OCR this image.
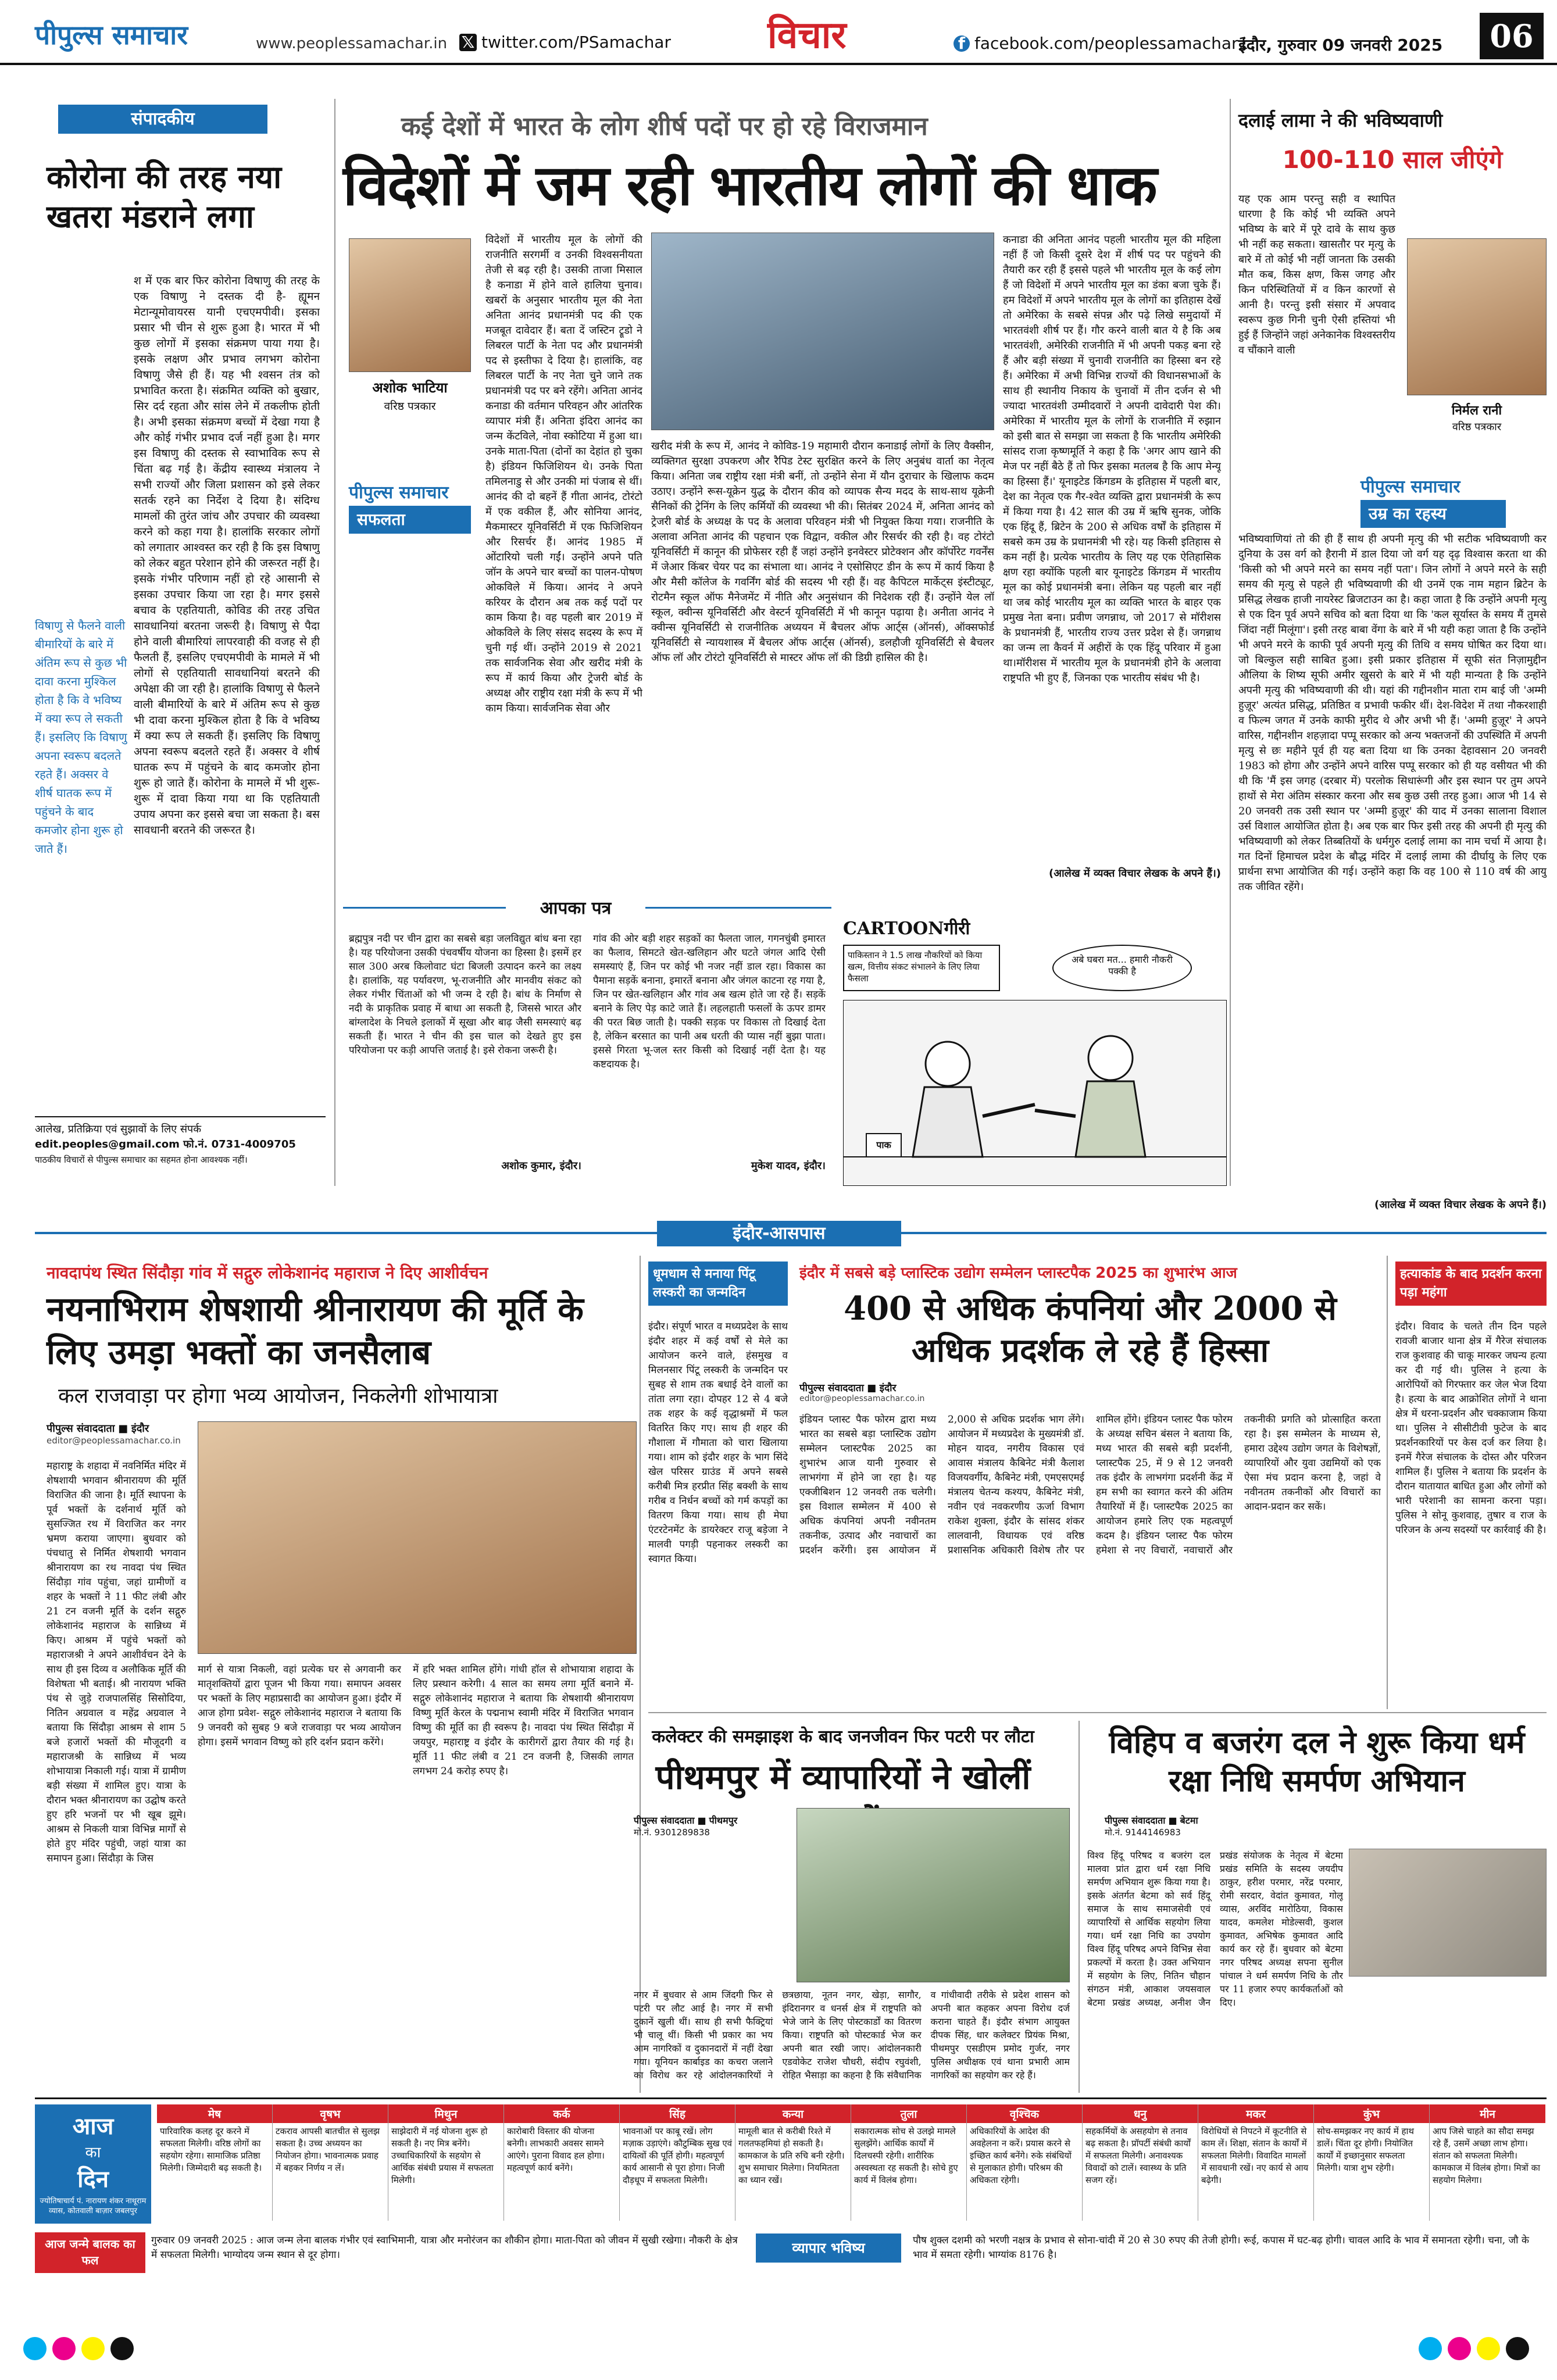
पीपुल्स समाचार	www.peoplessamachar.in 𝕏 twitter.com/PSamachar	विचार	f facebook.com/peoplessamachar1
इंदौर, गुरुवार 09 जनवरी 2025	06
संपादकीय
कोरोना की तरह नया खतरा मंडराने लगा
विषाणु से फैलने वाली बीमारियों के बारे में अंतिम रूप से कुछ भी दावा करना मुश्किल होता है कि वे भविष्य में क्या रूप ले सकती हैं। इसलिए कि विषाणु अपना स्वरूप बदलते रहते हैं। अक्सर वे शीर्ष घातक रूप में पहुंचने के बाद कमजोर होना शुरू हो जाते हैं।
श में एक बार फिर कोरोना विषाणु की तरह के एक विषाणु ने दस्तक दी है- ह्यूमन मेटान्यूमोवायरस यानी एचएमपीवी। इसका प्रसार भी चीन से शुरू हुआ है। भारत में भी कुछ लोगों में इसका संक्रमण पाया गया है। इसके लक्षण और प्रभाव लगभग कोरोना विषाणु जैसे ही हैं। यह भी श्वसन तंत्र को प्रभावित करता है। संक्रमित व्यक्ति को बुखार, सिर दर्द रहता और सांस लेने में तकलीफ होती है। अभी इसका संक्रमण बच्चों में देखा गया है और कोई गंभीर प्रभाव दर्ज नहीं हुआ है। मगर इस विषाणु की दस्तक से स्वाभाविक रूप से चिंता बढ़ गई है। केंद्रीय स्वास्थ्य मंत्रालय ने सभी राज्यों और जिला प्रशासन को इसे लेकर सतर्क रहने का निर्देश दे दिया है। संदिग्ध मामलों की तुरंत जांच और उपचार की व्यवस्था करने को कहा गया है। हालांकि सरकार लोगों को लगातार आश्वस्त कर रही है कि इस विषाणु को लेकर बहुत परेशान होने की जरूरत नहीं है। इसके गंभीर परिणाम नहीं हो रहे आसानी से इसका उपचार किया जा रहा है। मगर इससे बचाव के एहतियाती, कोविड की तरह उचित सावधानियां बरतना जरूरी है। विषाणु से पैदा होने वाली बीमारियां लापरवाही की वजह से ही फैलती हैं, इसलिए एचएमपीवी के मामले में भी लोगों से एहतियाती सावधानियां बरतने की अपेक्षा की जा रही है। हालांकि विषाणु से फैलने वाली बीमारियों के बारे में अंतिम रूप से कुछ भी दावा करना मुश्किल होता है कि वे भविष्य में क्या रूप ले सकती हैं। इसलिए कि विषाणु अपना स्वरूप बदलते रहते हैं। अक्सर वे शीर्ष घातक रूप में पहुंचने के बाद कमजोर होना शुरू हो जाते हैं। कोरोना के मामले में भी शुरू-शुरू में दावा किया गया था कि एहतियाती उपाय अपना कर इससे बचा जा सकता है। बस सावधानी बरतने की जरूरत है।
आलेख, प्रतिक्रिया एवं सुझावों के लिए संपर्क
edit.peoples@gmail.com फो.नं. 0731-4009705
पाठकीय विचारों से पीपुल्स समाचार का सहमत होना आवश्यक नहीं।
कई देशों में भारत के लोग शीर्ष पदों पर हो रहे विराजमान
विदेशों में जम रही भारतीय लोगों की धाक
अशोक भाटिया
वरिष्ठ पत्रकार
पीपुल्स समाचार
सफलता
विदेशों में भारतीय मूल के लोगों की राजनीति सरगर्मी व उनकी विश्वसनीयता तेजी से बढ़ रही है। उसकी ताजा मिसाल है कनाडा में होने वाले हालिया चुनाव। खबरों के अनुसार भारतीय मूल की नेता अनिता आनंद प्रधानमंत्री पद की एक मजबूत दावेदार हैं। बता दें जस्टिन ट्रूडो ने लिबरल पार्टी के नेता पद और प्रधानमंत्री पद से इस्तीफा दे दिया है। हालांकि, वह लिबरल पार्टी के नए नेता चुने जाने तक प्रधानमंत्री पद पर बने रहेंगे। अनिता आनंद कनाडा की वर्तमान परिवहन और आंतरिक व्यापार मंत्री हैं। अनिता इंदिरा आनंद का जन्म केंटविले, नोवा स्कोटिया में हुआ था। उनके माता-पिता (दोनों का देहांत हो चुका है) इंडियन फिजिशियन थे। उनके पिता तमिलनाडु से और उनकी मां पंजाब से थीं। आनंद की दो बहनें हैं गीता आनंद, टोरंटो में एक वकील हैं, और सोनिया आनंद, मैकमास्टर यूनिवर्सिटी में एक फिजिशियन और रिसर्चर हैं। आनंद 1985 में ओंटारियो चली गईं। उन्होंने अपने पति जॉन के अपने चार बच्चों का पालन-पोषण ओकविले में किया। आनंद ने अपने करियर के दौरान अब तक कई पदों पर काम किया है। वह पहली बार 2019 में ओकविले के लिए संसद सदस्य के रूप में चुनी गई थीं। उन्होंने 2019 से 2021 तक सार्वजनिक सेवा और खरीद मंत्री के रूप में कार्य किया और ट्रेजरी बोर्ड के अध्यक्ष और राष्ट्रीय रक्षा मंत्री के रूप में भी काम किया। सार्वजनिक सेवा और
खरीद मंत्री के रूप में, आनंद ने कोविड-19 महामारी दौरान कनाडाई लोगों के लिए वैक्सीन, व्यक्तिगत सुरक्षा उपकरण और रैपिड टेस्ट सुरक्षित करने के लिए अनुबंध वार्ता का नेतृत्व किया। अनिता जब राष्ट्रीय रक्षा मंत्री बनीं, तो उन्होंने सेना में यौन दुराचार के खिलाफ कदम उठाए। उन्होंने रूस-यूक्रेन युद्ध के दौरान कीव को व्यापक सैन्य मदद के साथ-साथ यूक्रेनी सैनिकों की ट्रेनिंग के लिए कर्मियों की व्यवस्था भी की। सितंबर 2024 में, अनिता आनंद को ट्रेजरी बोर्ड के अध्यक्ष के पद के अलावा परिवहन मंत्री भी नियुक्त किया गया। राजनीति के अलावा अनिता आनंद की पहचान एक विद्वान, वकील और रिसर्चर की रही है। वह टोरंटो यूनिवर्सिटी में कानून की प्रोफेसर रही हैं जहां उन्होंने इनवेस्टर प्रोटेक्शन और कॉर्पोरेट गवर्नेंस में जेआर किंबर चेयर पद का संभाला था। आनंद ने एसोसिएट डीन के रूप में कार्य किया है और मैसी कॉलेज के गवर्निंग बोर्ड की सदस्य भी रही हैं। वह कैपिटल मार्केट्स इंस्टीट्यूट, रोटमैन स्कूल ऑफ मैनेजमेंट में नीति और अनुसंधान की निदेशक रही हैं। उन्होंने येल लॉ स्कूल, क्वीन्स यूनिवर्सिटी और वेस्टर्न यूनिवर्सिटी में भी कानून पढ़ाया है। अनीता आनंद ने क्वीन्स यूनिवर्सिटी से राजनीतिक अध्ययन में बैचलर ऑफ आर्ट्स (ऑनर्स), ऑक्सफोर्ड यूनिवर्सिटी से न्यायशास्त्र में बैचलर ऑफ आर्ट्स (ऑनर्स), डलहौजी यूनिवर्सिटी से बैचलर ऑफ लॉ और टोरंटो यूनिवर्सिटी से मास्टर ऑफ लॉ की डिग्री हासिल की है।
कनाडा की अनिता आनंद पहली भारतीय मूल की महिला नहीं हैं जो किसी दूसरे देश में शीर्ष पद पर पहुंचने की तैयारी कर रही हैं इससे पहले भी भारतीय मूल के कई लोग हैं जो विदेशों में अपने भारतीय मूल का डंका बजा चुके हैं। हम विदेशों में अपने भारतीय मूल के लोगों का इतिहास देखें तो अमेरिका के सबसे संपन्न और पढ़े लिखे समुदायों में भारतवंशी शीर्ष पर हैं। गौर करने वाली बात ये है कि अब भारतवंशी, अमेरिकी राजनीति में भी अपनी पकड़ बना रहे हैं और बड़ी संख्या में चुनावी राजनीति का हिस्सा बन रहे हैं। अमेरिका में अभी विभिन्न राज्यों की विधानसभाओं के साथ ही स्थानीय निकाय के चुनावों में तीन दर्जन से भी ज्यादा भारतवंशी उम्मीदवारों ने अपनी दावेदारी पेश की। अमेरिका में भारतीय मूल के लोगों के राजनीति में रुझान को इसी बात से समझा जा सकता है कि भारतीय अमेरिकी सांसद राजा कृष्णमूर्ति ने कहा है कि 'अगर आप खाने की मेज पर नहीं बैठे हैं तो फिर इसका मतलब है कि आप मेन्यू का हिस्सा हैं।' यूनाइटेड किंगडम के इतिहास में पहली बार, देश का नेतृत्व एक गैर-श्वेत व्यक्ति द्वारा प्रधानमंत्री के रूप में किया गया है। 42 साल की उम्र में ऋषि सुनक, जोकि एक हिंदू हैं, ब्रिटेन के 200 से अधिक वर्षों के इतिहास में सबसे कम उम्र के प्रधानमंत्री भी रहे। यह किसी इतिहास से कम नहीं है। प्रत्येक भारतीय के लिए यह एक ऐतिहासिक क्षण रहा क्योंकि पहली बार यूनाइटेड किंगडम में भारतीय मूल का कोई प्रधानमंत्री बना। लेकिन यह पहली बार नहीं था जब कोई भारतीय मूल का व्यक्ति भारत के बाहर एक प्रमुख नेता बना। प्रवीण जगन्नाथ, जो 2017 से मॉरीशस के प्रधानमंत्री हैं, भारतीय राज्य उत्तर प्रदेश से हैं। जगन्नाथ का जन्म ला कैवर्न में अहीरों के एक हिंदू परिवार में हुआ था।मॉरीशस में भारतीय मूल के प्रधानमंत्री होने के अलावा राष्ट्रपति भी हुए हैं, जिनका एक भारतीय संबंध भी है।
(आलेख में व्यक्त विचार लेखक के अपने हैं।)
दलाई लामा ने की भविष्यवाणी
100-110 साल जीएंगे
यह एक आम परन्तु सही व स्थापित धारणा है कि कोई भी व्यक्ति अपने भविष्य के बारे में पूरे दावे के साथ कुछ भी नहीं कह सकता। खासतौर पर मृत्यु के बारे में तो कोई भी नहीं जानता कि उसकी मौत कब, किस क्षण, किस जगह और किन परिस्थितियों में व किन कारणों से आनी है। परन्तु इसी संसार में अपवाद स्वरूप कुछ गिनी चुनी ऐसी हस्तियां भी हुई हैं जिन्होंने जहां अनेकानेक विश्वस्तरीय व चौंकाने वाली
निर्मल रानी
वरिष्ठ पत्रकार
पीपुल्स समाचार
उम्र का रहस्य
भविष्यवाणियां तो की ही हैं साथ ही अपनी मृत्यु की भी सटीक भविष्यवाणी कर दुनिया के उस वर्ग को हैरानी में डाल दिया जो वर्ग यह दृढ़ विश्वास करता था की 'किसी को भी अपने मरने का समय नहीं पता'। जिन लोगों ने अपने मरने के सही समय की मृत्यु से पहले ही भविष्यवाणी की थी उनमें एक नाम महान ब्रिटेन के प्रसिद्ध लेखक हाजी नायरेस्ट ब्रिजटाउन का है। कहा जाता है कि उन्होंने अपनी मृत्यु से एक दिन पूर्व अपने सचिव को बता दिया था कि 'कल सूर्यास्त के समय मैं तुमसे जिंदा नहीं मिलूंगा'। इसी तरह बाबा वेंगा के बारे में भी यही कहा जाता है कि उन्होंने भी अपने मरने के काफी पूर्व अपनी मृत्यु की तिथि व समय घोषित कर दिया था। जो बिल्कुल सही साबित हुआ। इसी प्रकार इतिहास में सूफी संत निज़ामुद्दीन औलिया के शिष्य सूफी अमीर खुसरो के बारे में भी यही मान्यता है कि उन्होंने अपनी मृत्यु की भविष्यवाणी की थी। यहां की गद्दीनशीन माता राम बाई जी 'अम्मी हुज़ूर' अत्यंत प्रसिद्ध, प्रतिष्ठित व प्रभावी फकीर थीं। देश-विदेश में तथा नौकरशाही व फिल्म जगत में उनके काफी मुरीद थे और अभी भी हैं। 'अम्मी हुज़ूर' ने अपने वारिस, गद्दीनशीन शहज़ादा पप्पू सरकार को अन्य भक्तजनों की उपस्थिति में अपनी मृत्यु से छः महीने पूर्व ही यह बता दिया था कि उनका देहावसान 20 जनवरी 1983 को होगा और उन्होंने अपने वारिस पप्पू सरकार को ही यह वसीयत भी की थी कि 'मैं इस जगह (दरबार में) परलोक सिधारूंगी और इस स्थान पर तुम अपने हाथों से मेरा अंतिम संस्कार करना और सब कुछ उसी तरह हुआ। आज भी 14 से 20 जनवरी तक उसी स्थान पर 'अम्मी हुज़ूर' की याद में उनका सालाना विशाल उर्स विशाल आयोजित होता है। अब एक बार फिर इसी तरह की अपनी ही मृत्यु की भविष्यवाणी को लेकर तिब्बतियों के धर्मगुरु दलाई लामा का नाम चर्चा में आया है। गत दिनों हिमाचल प्रदेश के बौद्ध मंदिर में दलाई लामा की दीर्घायु के लिए एक प्रार्थना सभा आयोजित की गई। उन्होंने कहा कि वह 100 से 110 वर्ष की आयु तक जीवित रहेंगे।
(आलेख में व्यक्त विचार लेखक के अपने हैं।)
आपका पत्र
ब्रह्मपुत्र नदी पर चीन द्वारा का सबसे बड़ा जलविद्युत बांध बना रहा है। यह परियोजना उसकी पंचवर्षीय योजना का हिस्सा है। इसमें हर साल 300 अरब किलोवाट घंटा बिजली उत्पादन करने का लक्ष्य है। हालांकि, यह पर्यावरण, भू-राजनीति और मानवीय संकट को लेकर गंभीर चिंताओं को भी जन्म दे रही है। बांध के निर्माण से नदी के प्राकृतिक प्रवाह में बाधा आ सकती है, जिससे भारत और बांग्लादेश के निचले इलाकों में सूखा और बाढ़ जैसी समस्याएं बढ़ सकती हैं। भारत ने चीन की इस चाल को देखते हुए इस परियोजना पर कड़ी आपत्ति जताई है। इसे रोकना जरूरी है।
अशोक कुमार, इंदौर।
गांव की ओर बड़ी शहर सड़कों का फैलता जाल, गगनचुंबी इमारत का फैलाव, सिमटते खेत-खलिहान और घटते जंगल आदि ऐसी समस्याएं हैं, जिन पर कोई भी नजर नहीं डाल रहा। विकास का पैमाना सड़कें बनाना, इमारतें बनाना और जंगल काटना रह गया है, जिन पर खेत-खलिहान और गांव अब खत्म होते जा रहे हैं। सड़कें बनाने के लिए पेड़ काटे जाते हैं। लहलहाती फसलों के ऊपर डामर की परत बिछ जाती है। पक्की सड़क पर विकास तो दिखाई देता है, लेकिन बरसात का पानी अब धरती की प्यास नहीं बुझा पाता। इससे गिरता भू-जल स्तर किसी को दिखाई नहीं देता है। यह कष्टदायक है।
मुकेश यादव, इंदौर।
CARTOONगीरी
पाकिस्तान ने 1.5 लाख नौकरियों को किया खत्म, वित्तीय संकट संभालने के लिए लिया फैसला
अबे घबरा मत... हमारी नौकरी पक्की है
पाक
इंदौर-आसपास
नावदापंथ स्थित सिंदौड़ा गांव में सद्गुरु लोकेशानंद महाराज ने दिए आशीर्वचन
नयनाभिराम शेषशायी श्रीनारायण की मूर्ति के लिए उमड़ा भक्तों का जनसैलाब
कल राजवाड़ा पर होगा भव्य आयोजन, निकलेगी शोभायात्रा
पीपुल्स संवाददाता ■ इंदौर
editor@peoplessamachar.co.in
महाराष्ट्र के शहादा में नवनिर्मित मंदिर में शेषशायी भगवान श्रीनारायण की मूर्ति विराजित की जाना है। मूर्ति स्थापना के पूर्व भक्तों के दर्शनार्थ मूर्ति को सुसज्जित रथ में विराजित कर नगर भ्रमण कराया जाएगा। बुधवार को पंचधातु से निर्मित शेषशायी भगवान श्रीनारायण का रथ नावदा पंथ स्थित सिंदौड़ा गांव पहुंचा, जहां ग्रामीणों व शहर के भक्तों ने 11 फीट लंबी और 21 टन वजनी मूर्ति के दर्शन सद्गुरु लोकेशानंद महाराज के सान्निध्य में किए। आश्रम में पहुंचे भक्तों को महाराजश्री ने अपने आशीर्वचन देने के साथ ही इस दिव्य व अलौकिक मूर्ति की विशेषता भी बताई। श्री नारायण भक्ति पंथ से जुड़े राजपालसिंह सिसोदिया, नितिन अग्रवाल व महेंद्र अग्रवाल ने बताया कि सिंदौड़ा आश्रम से शाम 5 बजे हजारों भक्तों की मौजूदगी व महाराजश्री के सान्निध्य में भव्य शोभायात्रा निकाली गई। यात्रा में ग्रामीण बड़ी संख्या में शामिल हुए। यात्रा के दौरान भक्त श्रीनारायण का उद्घोष करते हुए हरि भजनों पर भी खूब झूमे। आश्रम से निकली यात्रा विभिन्न मार्गों से होते हुए मंदिर पहुंची, जहां यात्रा का समापन हुआ। सिंदौड़ा के जिस
मार्ग से यात्रा निकली, वहां प्रत्येक घर से अगवानी कर मातृशक्तियों द्वारा पूजन भी किया गया। समापन अवसर पर भक्तों के लिए महाप्रसादी का आयोजन हुआ। इंदौर में आज होगा प्रवेश- सद्गुरु लोकेशानंद महाराज ने बताया कि 9 जनवरी को सुबह 9 बजे राजवाड़ा पर भव्य आयोजन होगा। इसमें भगवान विष्णु को हरि दर्शन प्रदान करेंगे।
में हरि भक्त शामिल होंगे। गांधी हॉल से शोभायात्रा शहादा के लिए प्रस्थान करेगी। 4 साल का समय लगा मूर्ति बनाने में- सद्गुरु लोकेशानंद महाराज ने बताया कि शेषशायी श्रीनारायण विष्णु मूर्ति केरल के पद्मनाभ स्वामी मंदिर में विराजित भगवान विष्णु की मूर्ति का ही स्वरूप है। नावदा पंथ स्थित सिंदौड़ा में जयपुर, महाराष्ट्र व इंदौर के कारीगरों द्वारा तैयार की गई है। मूर्ति 11 फीट लंबी व 21 टन वजनी है, जिसकी लागत लगभग 24 करोड़ रुपए है।
धूमधाम से मनाया पिंटू लस्करी का जन्मदिन
इंदौर। संपूर्ण भारत व मध्यप्रदेश के साथ इंदौर शहर में कई वर्षों से मेले का आयोजन करने वाले, हंसमुख व मिलनसार पिंटू लस्करी के जन्मदिन पर सुबह से शाम तक बधाई देने वालों का तांता लगा रहा। दोपहर 12 से 4 बजे तक शहर के कई वृद्धाश्रमों में फल वितरित किए गए। साथ ही शहर की गौशाला में गौमाता को चारा खिलाया गया। शाम को इंदौर शहर के भाग सिंदे खेल परिसर ग्राउंड में अपने सबसे करीबी मित्र हरप्रीत सिंह बक्शी के साथ गरीब व निर्धन बच्चों को गर्म कपड़ों का वितरण किया गया। साथ ही मेघा एंटरटेनमेंट के डायरेक्टर राजू बड़ेजा ने मालवी पगड़ी पहनाकर लस्करी का स्वागत किया।
इंदौर में सबसे बड़े प्लास्टिक उद्योग सम्मेलन प्लास्टपैक 2025 का शुभारंभ आज
400 से अधिक कंपनियां और 2000 से अधिक प्रदर्शक ले रहे हैं हिस्सा
पीपुल्स संवाददाता ■ इंदौर
editor@peoplessamachar.co.in
इंडियन प्लास्ट पैक फोरम द्वारा मध्य भारत का सबसे बड़ा प्लास्टिक उद्योग सम्मेलन प्लास्टपैक 2025 का शुभारंभ आज यानी गुरुवार से लाभगंगा में होने जा रहा है। यह एक्जीबिशन 12 जनवरी तक चलेगी। इस विशाल सम्मेलन में 400 से अधिक कंपनियां अपनी नवीनतम तकनीक, उत्पाद और नवाचारों का प्रदर्शन करेंगी। इस आयोजन में 2,000 से अधिक प्रदर्शक भाग लेंगे। आयोजन में मध्यप्रदेश के मुख्यमंत्री डॉ. मोहन यादव, नगरीय विकास एवं आवास मंत्रालय कैबिनेट मंत्री कैलाश विजयवर्गीय, कैबिनेट मंत्री, एमएसएमई मंत्रालय चेतन्य कश्यप, कैबिनेट मंत्री, नवीन एवं नवकरणीय ऊर्जा विभाग राकेश शुक्ला, इंदौर के सांसद शंकर लालवानी, विधायक एवं वरिष्ठ प्रशासनिक अधिकारी विशेष तौर पर शामिल होंगे। इंडियन प्लास्ट पैक फोरम के अध्यक्ष सचिन बंसल ने बताया कि, मध्य भारत की सबसे बड़ी प्रदर्शनी, प्लास्टपैक 25, में 9 से 12 जनवरी तक इंदौर के लाभगंगा प्रदर्शनी केंद्र में हम सभी का स्वागत करने की अंतिम तैयारियों में हैं। प्लास्टपैक 2025 का आयोजन हमारे लिए एक महत्वपूर्ण कदम है। इंडियन प्लास्ट पैक फोरम हमेशा से नए विचारों, नवाचारों और तकनीकी प्रगति को प्रोत्साहित करता रहा है। इस सम्मेलन के माध्यम से, हमारा उद्देश्य उद्योग जगत के विशेषज्ञों, व्यापारियों और युवा उद्यमियों को एक ऐसा मंच प्रदान करना है, जहां वे नवीनतम तकनीकों और विचारों का आदान-प्रदान कर सकें।
हत्याकांड के बाद प्रदर्शन करना पड़ा महंगा
इंदौर। विवाद के चलते तीन दिन पहले रावजी बाजार थाना क्षेत्र में गैरेज संचालक राज कुशवाह की चाकू मारकर जघन्य हत्या कर दी गई थी। पुलिस ने हत्या के आरोपियों को गिरफ्तार कर जेल भेज दिया है। हत्या के बाद आक्रोशित लोगों ने थाना क्षेत्र में धरना-प्रदर्शन और चक्काजाम किया था। पुलिस ने सीसीटीवी फुटेज के बाद प्रदर्शनकारियों पर केस दर्ज कर लिया है। इनमें गैरेज संचालक के दोस्त और परिजन शामिल हैं। पुलिस ने बताया कि प्रदर्शन के दौरान यातायात बाधित हुआ और लोगों को भारी परेशानी का सामना करना पड़ा। पुलिस ने सोनू कुशवाह, तुषार व राज के परिजन के अन्य सदस्यों पर कार्रवाई की है।
कलेक्टर की समझाइश के बाद जनजीवन फिर पटरी पर लौटा
पीथमपुर में व्यापारियों ने खोलीं
पीपुल्स संवाददाता ■ पीथमपुर
मो.नं. 9301289838
नगर में बुधवार से आम जिंदगी फिर से पटरी पर लौट आई है। नगर में सभी दुकानें खुली थीं। साथ ही सभी फैक्ट्रियां भी चालू थीं। किसी भी प्रकार का भय आम नागरिकों व दुकानदारों में नहीं देखा गया। यूनियन कार्बाइड का कचरा जलाने का विरोध कर रहे आंदोलनकारियों ने छत्रछाया, नूतन नगर, खेड़ा, सागौर, इंदिरानगर व धनर्स क्षेत्र में राष्ट्रपति को भेजे जाने के लिए पोस्टकार्डों का वितरण किया। राष्ट्रपति को पोस्टकार्ड भेज कर अपनी बात रखी जाए। आंदोलनकारी एडवोकेट राजेश चौधरी, संदीप रघुवंशी, रोहित भैसाड़ा का कहना है कि संवैधानिक व गांधीवादी तरीके से प्रदेश शासन को अपनी बात कहकर अपना विरोध दर्ज कराना चाहते हैं। इंदौर संभाग आयुक्त दीपक सिंह, धार कलेक्टर प्रियंक मिश्रा, पीथमपुर एसडीएम प्रमोद गुर्जर, नगर पुलिस अधीक्षक एवं थाना प्रभारी आम नागरिकों का सहयोग कर रहे हैं।
विहिप व बजरंग दल ने शुरू किया धर्म रक्षा निधि समर्पण अभियान
पीपुल्स संवाददाता ■ बेटमा
मो.नं. 9144146983
विश्व हिंदू परिषद व बजरंग दल मालवा प्रांत द्वारा धर्म रक्षा निधि समर्पण अभियान शुरू किया गया है। इसके अंतर्गत बेटमा को सर्व हिंदू समाज के साथ समाजसेवी एवं व्यापारियों से आर्थिक सहयोग लिया गया। धर्म रक्षा निधि का उपयोग विश्व हिंदू परिषद अपने विभिन्न सेवा प्रकल्पों में करता है। उक्त अभियान में सहयोग के लिए, नितिन चौहान संगठन मंत्री, आकाश जयसवाल बेटमा प्रखंड अध्यक्ष, अनीश जैन प्रखंड संयोजक के नेतृत्व में बेटमा प्रखंड समिति के सदस्य जयदीप ठाकुर, हरीश परमार, नरेंद्र परमार, रोमी सरदार, वेदांत कुमावत, गोलू व्यास, अरविंद मारोठिया, विकास यादव, कमलेश मोडेल्सवी, कुशल कुमावत, अभिषेक कुमावत आदि कार्य कर रहे हैं। बुधवार को बेटमा नगर परिषद अध्यक्ष सपना सुनील पांचाल ने धर्म समर्पण निधि के तौर पर 11 हजार रुपए कार्यकर्ताओं को दिए।
आज
का
दिन
ज्योतिषाचार्य पं. नारायण शंकर नाथूराम व्यास, कोतवाली बाज़ार जबलपुर
मेष
पारिवारिक कलह दूर करने में सफलता मिलेगी। वरिष्ठ लोगों का सहयोग रहेगा। सामाजिक प्रतिष्ठा मिलेगी। जिम्मेदारी बढ़ सकती है।
वृषभ
टकराव आपसी बातचीत से सुलझ सकता है। उच्च अध्ययन का नियोजन होगा। भावनात्मक प्रवाह में बहकर निर्णय न लें।
मिथुन
साझेदारी में नई योजना शुरू हो सकती है। नए मित्र बनेंगे। उच्चाधिकारियों के सहयोग से आर्थिक संबंधी प्रयास में सफलता मिलेगी।
कर्क
कारोबारी विस्तार की योजना बनेगी। लाभकारी अवसर सामने आएंगे। पुराना विवाद हल होगा। महत्वपूर्ण कार्य बनेंगे।
सिंह
भावनाओं पर काबू रखें। लोग मज़ाक उड़ाएंगे। कौटुम्बिक सुख एवं दायित्वों की पूर्ति होगी। महत्वपूर्ण कार्य आसानी से पूरा होगा। निजी दौड़धूप में सफलता मिलेगी।
कन्या
मामूली बात से करीबी रिश्ते में गलतफहमियां हो सकती है। कामकाज के प्रति रुचि बनी रहेगी। शुभ समाचार मिलेगा। नियमितता का ध्यान रखें।
तुला
सकारात्मक सोच से उलझे मामले सुलझेंगे। आर्थिक कार्यों में दिलचस्पी रहेगी। शारीरिक अस्वस्थता रह सकती है। सोचे हुए कार्य में विलंब होगा।
वृश्चिक
अधिकारियों के आदेश की अवहेलना न करें। प्रयास करने से इच्छित कार्य बनेंगे। रुके संबंधियों से मुलाकात होगी। परिश्रम की अधिकता रहेगी।
धनु
सहकर्मियों के असहयोग से तनाव बढ़ सकता है। प्रॉपर्टी संबंधी कार्यों में सफलता मिलेगी। अनावश्यक विवादों को टालें। स्वास्थ्य के प्रति सजग रहें।
मकर
विरोधियों से निपटने में कूटनीति से काम लें। शिक्षा, संतान के कार्यों में सफलता मिलेगी। विवादित मामलों में सावधानी रखें। नए कार्य से आय बढ़ेगी।
कुंभ
सोच-समझकर नए कार्य में हाथ डालें। चिंता दूर होगी। नियोजित कार्यों में इच्छानुसार सफलता मिलेगी। यात्रा शुभ रहेगी।
मीन
आप जिसे चाहते का सौदा समझ रहे हैं, उसमें अच्छा लाभ होगा। संतान को सफलता मिलेगी। कामकाज में विलंब होगा। मित्रों का सहयोग मिलेगा।
आज जन्मे बालक का फल
गुरुवार 09 जनवरी 2025 : आज जन्म लेना बालक गंभीर एवं स्वाभिमानी, यात्रा और मनोरंजन का शौकीन होगा। माता-पिता को जीवन में सुखी रखेगा। नौकरी के क्षेत्र में सफलता मिलेगी। भाग्योदय जन्म स्थान से दूर होगा।	व्यापार भविष्य	पौष शुक्ल दशमी को भरणी नक्षत्र के प्रभाव से सोना-चांदी में 20 से 30 रुपए की तेजी होगी। रूई, कपास में घट-बढ़ होगी। चावल आदि के भाव में समानता रहेगी। चना, जौ के भाव में समता रहेगी। भाग्यांक 8176 है।
